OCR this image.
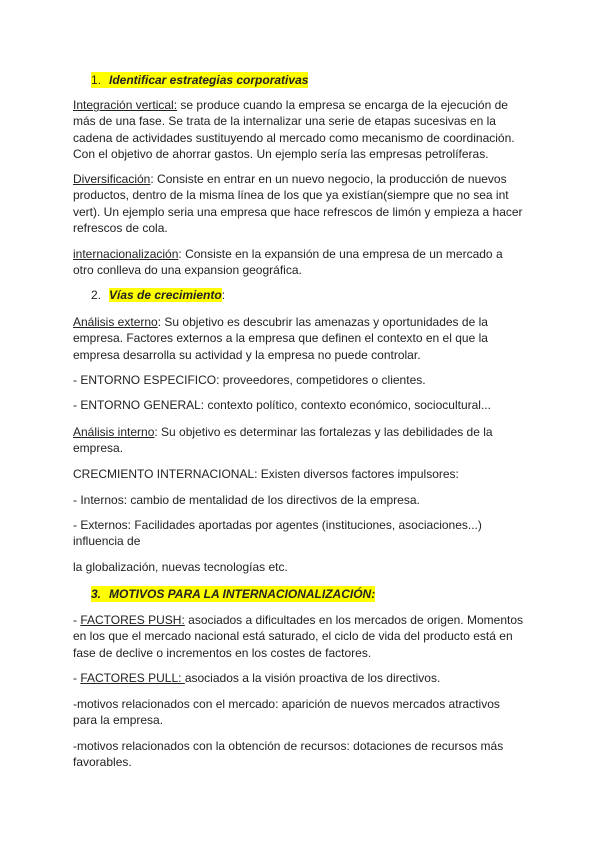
1. Identificar estrategias corporativas
Integración vertical: se produce cuando la empresa se encarga de la ejecución de
más de una fase. Se trata de la internalizar una serie de etapas sucesivas en la
cadena de actividades sustituyendo al mercado como mecanismo de coordinación.
Con el objetivo de ahorrar gastos. Un ejemplo sería las empresas petrolíferas.
Diversificación: Consiste en entrar en un nuevo negocio, la producción de nuevos
productos, dentro de la misma línea de los que ya existían(siempre que no sea int
vert). Un ejemplo seria una empresa que hace refrescos de limón y empieza a hacer
refrescos de cola.
internacionalización: Consiste en la expansión de una empresa de un mercado a
otro conlleva do una expansion geográfica.
2. Vías de crecimiento:
Análisis externo: Su objetivo es descubrir las amenazas y oportunidades de la
empresa. Factores externos a la empresa que definen el contexto en el que la
empresa desarrolla su actividad y la empresa no puede controlar.
- ENTORNO ESPECIFICO: proveedores, competidores o clientes.
- ENTORNO GENERAL: contexto político, contexto económico, sociocultural...
Análisis interno: Su objetivo es determinar las fortalezas y las debilidades de la
empresa.
CRECMIENTO INTERNACIONAL: Existen diversos factores impulsores:
- Internos: cambio de mentalidad de los directivos de la empresa.
- Externos: Facilidades aportadas por agentes (instituciones, asociaciones...)
influencia de
la globalización, nuevas tecnologías etc.
3. MOTIVOS PARA LA INTERNACIONALIZACIÓN:
- FACTORES PUSH: asociados a dificultades en los mercados de origen. Momentos
en los que el mercado nacional está saturado, el ciclo de vida del producto está en
fase de declive o incrementos en los costes de factores.
- FACTORES PULL: asociados a la visión proactiva de los directivos.
-motivos relacionados con el mercado: aparición de nuevos mercados atractivos
para la empresa.
-motivos relacionados con la obtención de recursos: dotaciones de recursos más
favorables.
